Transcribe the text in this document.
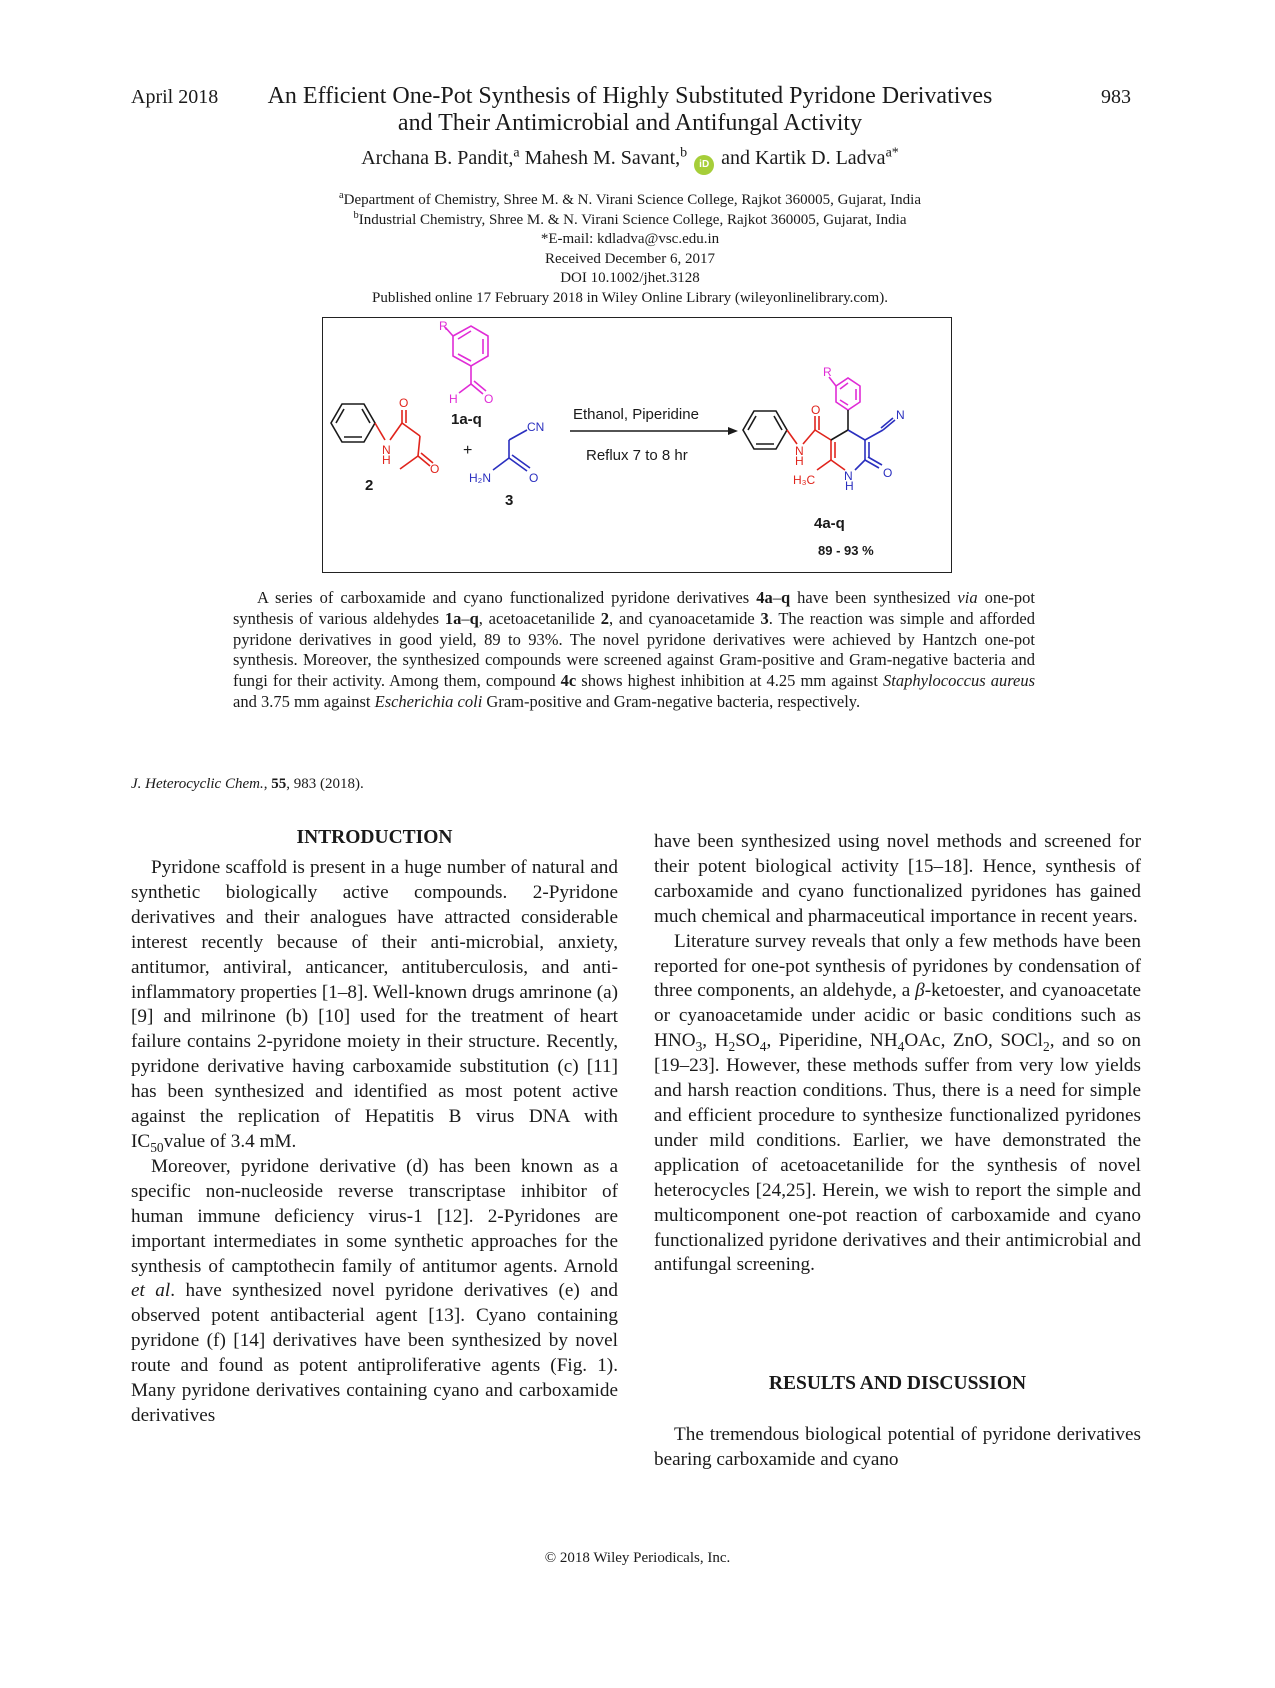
April 2018	983
An Efficient One-Pot Synthesis of Highly Substituted Pyridone Derivatives
and Their Antimicrobial and Antifungal Activity
Archana B. Pandit,$^a$ Mahesh M. Savant,$^b$ iD and Kartik D. Ladva$^{a*}$
$^a$Department of Chemistry, Shree M. & N. Virani Science College, Rajkot 360005, Gujarat, India
$^b$Industrial Chemistry, Shree M. & N. Virani Science College, Rajkot 360005, Gujarat, India
*E-mail: kdladva@vsc.edu.in
Received December 6, 2017
DOI 10.1002/jhet.3128
Published online 17 February 2018 in Wiley Online Library (wileyonlinelibrary.com).
N
H
O
O
2
R
H O
1a-q
+
CN
H₂N	O
3
Ethanol, Piperidine
Reflux 7 to 8 hr
R
O
N
H
H₃C N
H
O
N
4a-q
89 - 93 %

A series of carboxamide and cyano functionalized pyridone derivatives 4a–q have been synthesized via one-pot synthesis of various aldehydes 1a–q, acetoacetanilide 2, and cyanoacetamide 3. The reaction was simple and afforded pyridone derivatives in good yield, 89 to 93%. The novel pyridone derivatives were achieved by Hantzch one-pot synthesis. Moreover, the synthesized compounds were screened against Gram-positive and Gram-negative bacteria and fungi for their activity. Among them, compound 4c shows highest inhibition at 4.25 mm against Staphylococcus aureus and 3.75 mm against Escherichia coli Gram-positive and Gram-negative bacteria, respectively.

J. Heterocyclic Chem., 55, 983 (2018).
INTRODUCTION

Pyridone scaffold is present in a huge number of natural and synthetic biologically active compounds. 2-Pyridone derivatives and their analogues have attracted considerable interest recently because of their anti-microbial, anxiety, antitumor, antiviral, anticancer, antituberculosis, and anti-inflammatory properties [1–8]. Well-known drugs amrinone (a) [9] and milrinone (b) [10] used for the treatment of heart failure contains 2-pyridone moiety in their structure. Recently, pyridone derivative having carboxamide substitution (c) [11] has been synthesized and identified as most potent active against the replication of Hepatitis B virus DNA with $IC_{50}value$ of 3.4 mM.

Moreover, pyridone derivative (d) has been known as a specific non-nucleoside reverse transcriptase inhibitor of human immune deficiency virus-1 [12]. 2-Pyridones are important intermediates in some synthetic approaches for the synthesis of camptothecin family of antitumor agents. Arnold et al. have synthesized novel pyridone derivatives (e) and observed potent antibacterial agent [13]. Cyano containing pyridone (f) [14] derivatives have been synthesized by novel route and found as potent antiproliferative agents (Fig. 1). Many pyridone derivatives containing cyano and carboxamide derivatives

have been synthesized using novel methods and screened for their potent biological activity [15–18]. Hence, synthesis of carboxamide and cyano functionalized pyridones has gained much chemical and pharmaceutical importance in recent years.

Literature survey reveals that only a few methods have been reported for one-pot synthesis of pyridones by condensation of three components, an aldehyde, a β-ketoester, and cyanoacetate or cyanoacetamide under acidic or basic conditions such as $HNO_3$, $H_2SO_4$, Piperidine, $NH_4OAc$, ZnO, SOCl$_2$, and so on [19–23]. However, these methods suffer from very low yields and harsh reaction conditions. Thus, there is a need for simple and efficient procedure to synthesize functionalized pyridones under mild conditions. Earlier, we have demonstrated the application of acetoacetanilide for the synthesis of novel heterocycles [24,25]. Herein, we wish to report the simple and multicomponent one-pot reaction of carboxamide and cyano functionalized pyridone derivatives and their antimicrobial and antifungal screening.

RESULTS AND DISCUSSION

The tremendous biological potential of pyridone derivatives bearing carboxamide and cyano

© 2018 Wiley Periodicals, Inc.
